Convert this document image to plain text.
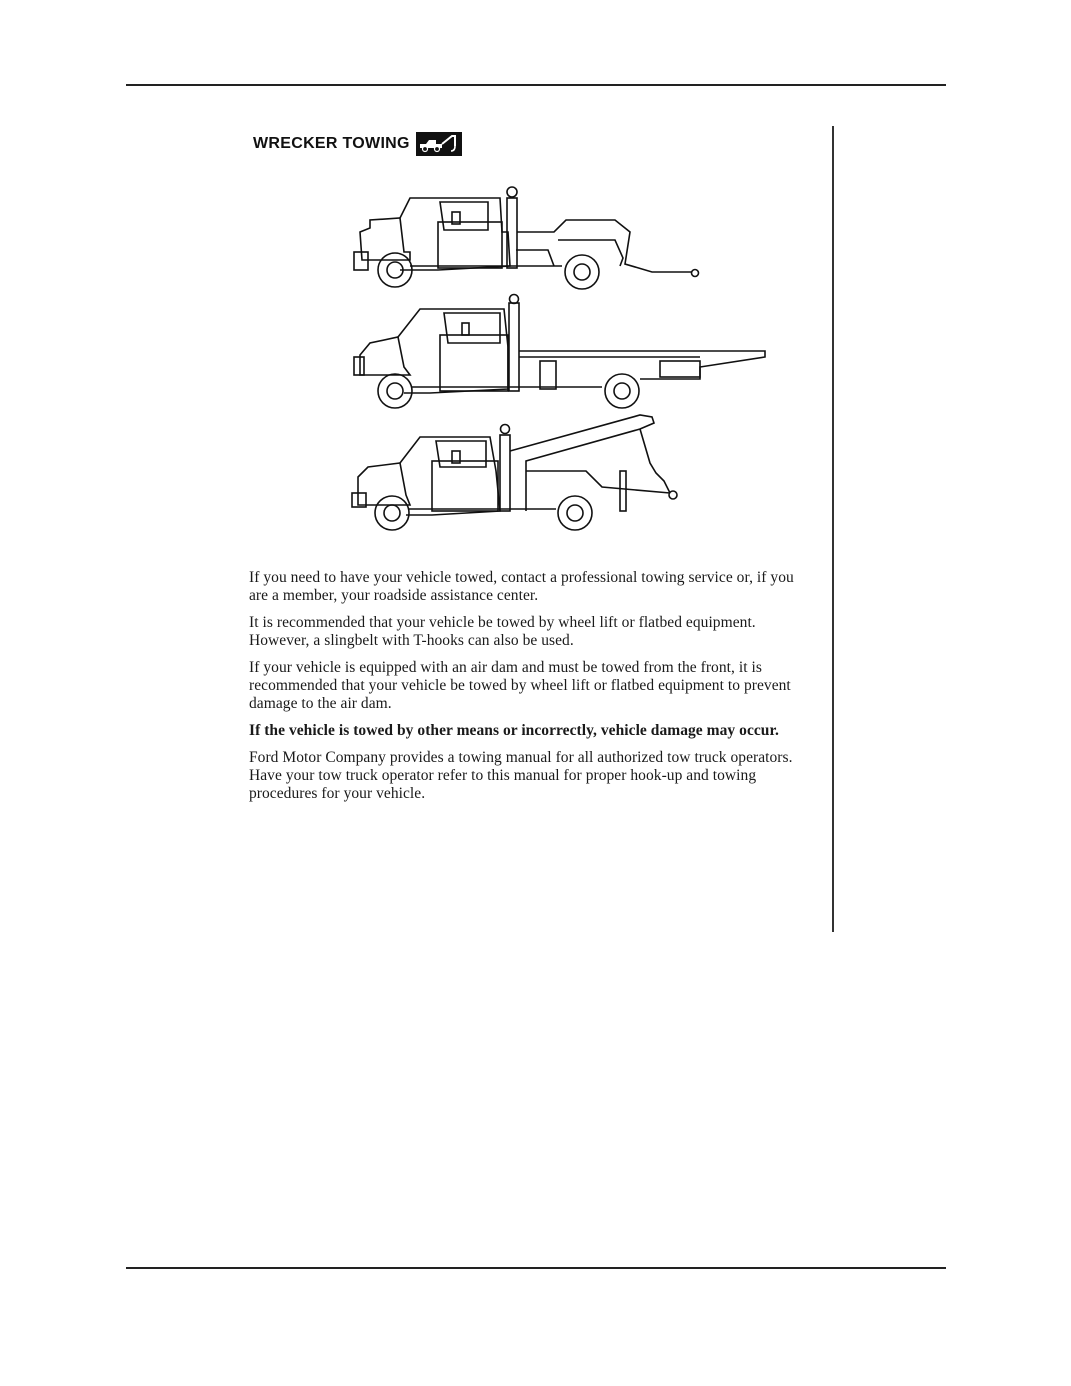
WRECKER TOWING

If you need to have your vehicle towed, contact a professional towing service or, if you are a member, your roadside assistance center.

It is recommended that your vehicle be towed by wheel lift or flatbed equipment. However, a slingbelt with T-hooks can also be used.

If your vehicle is equipped with an air dam and must be towed from the front, it is recommended that your vehicle be towed by wheel lift or flatbed equipment to prevent damage to the air dam.

If the vehicle is towed by other means or incorrectly, vehicle damage may occur.

Ford Motor Company provides a towing manual for all authorized tow truck operators. Have your tow truck operator refer to this manual for proper hook-up and towing procedures for your vehicle.
